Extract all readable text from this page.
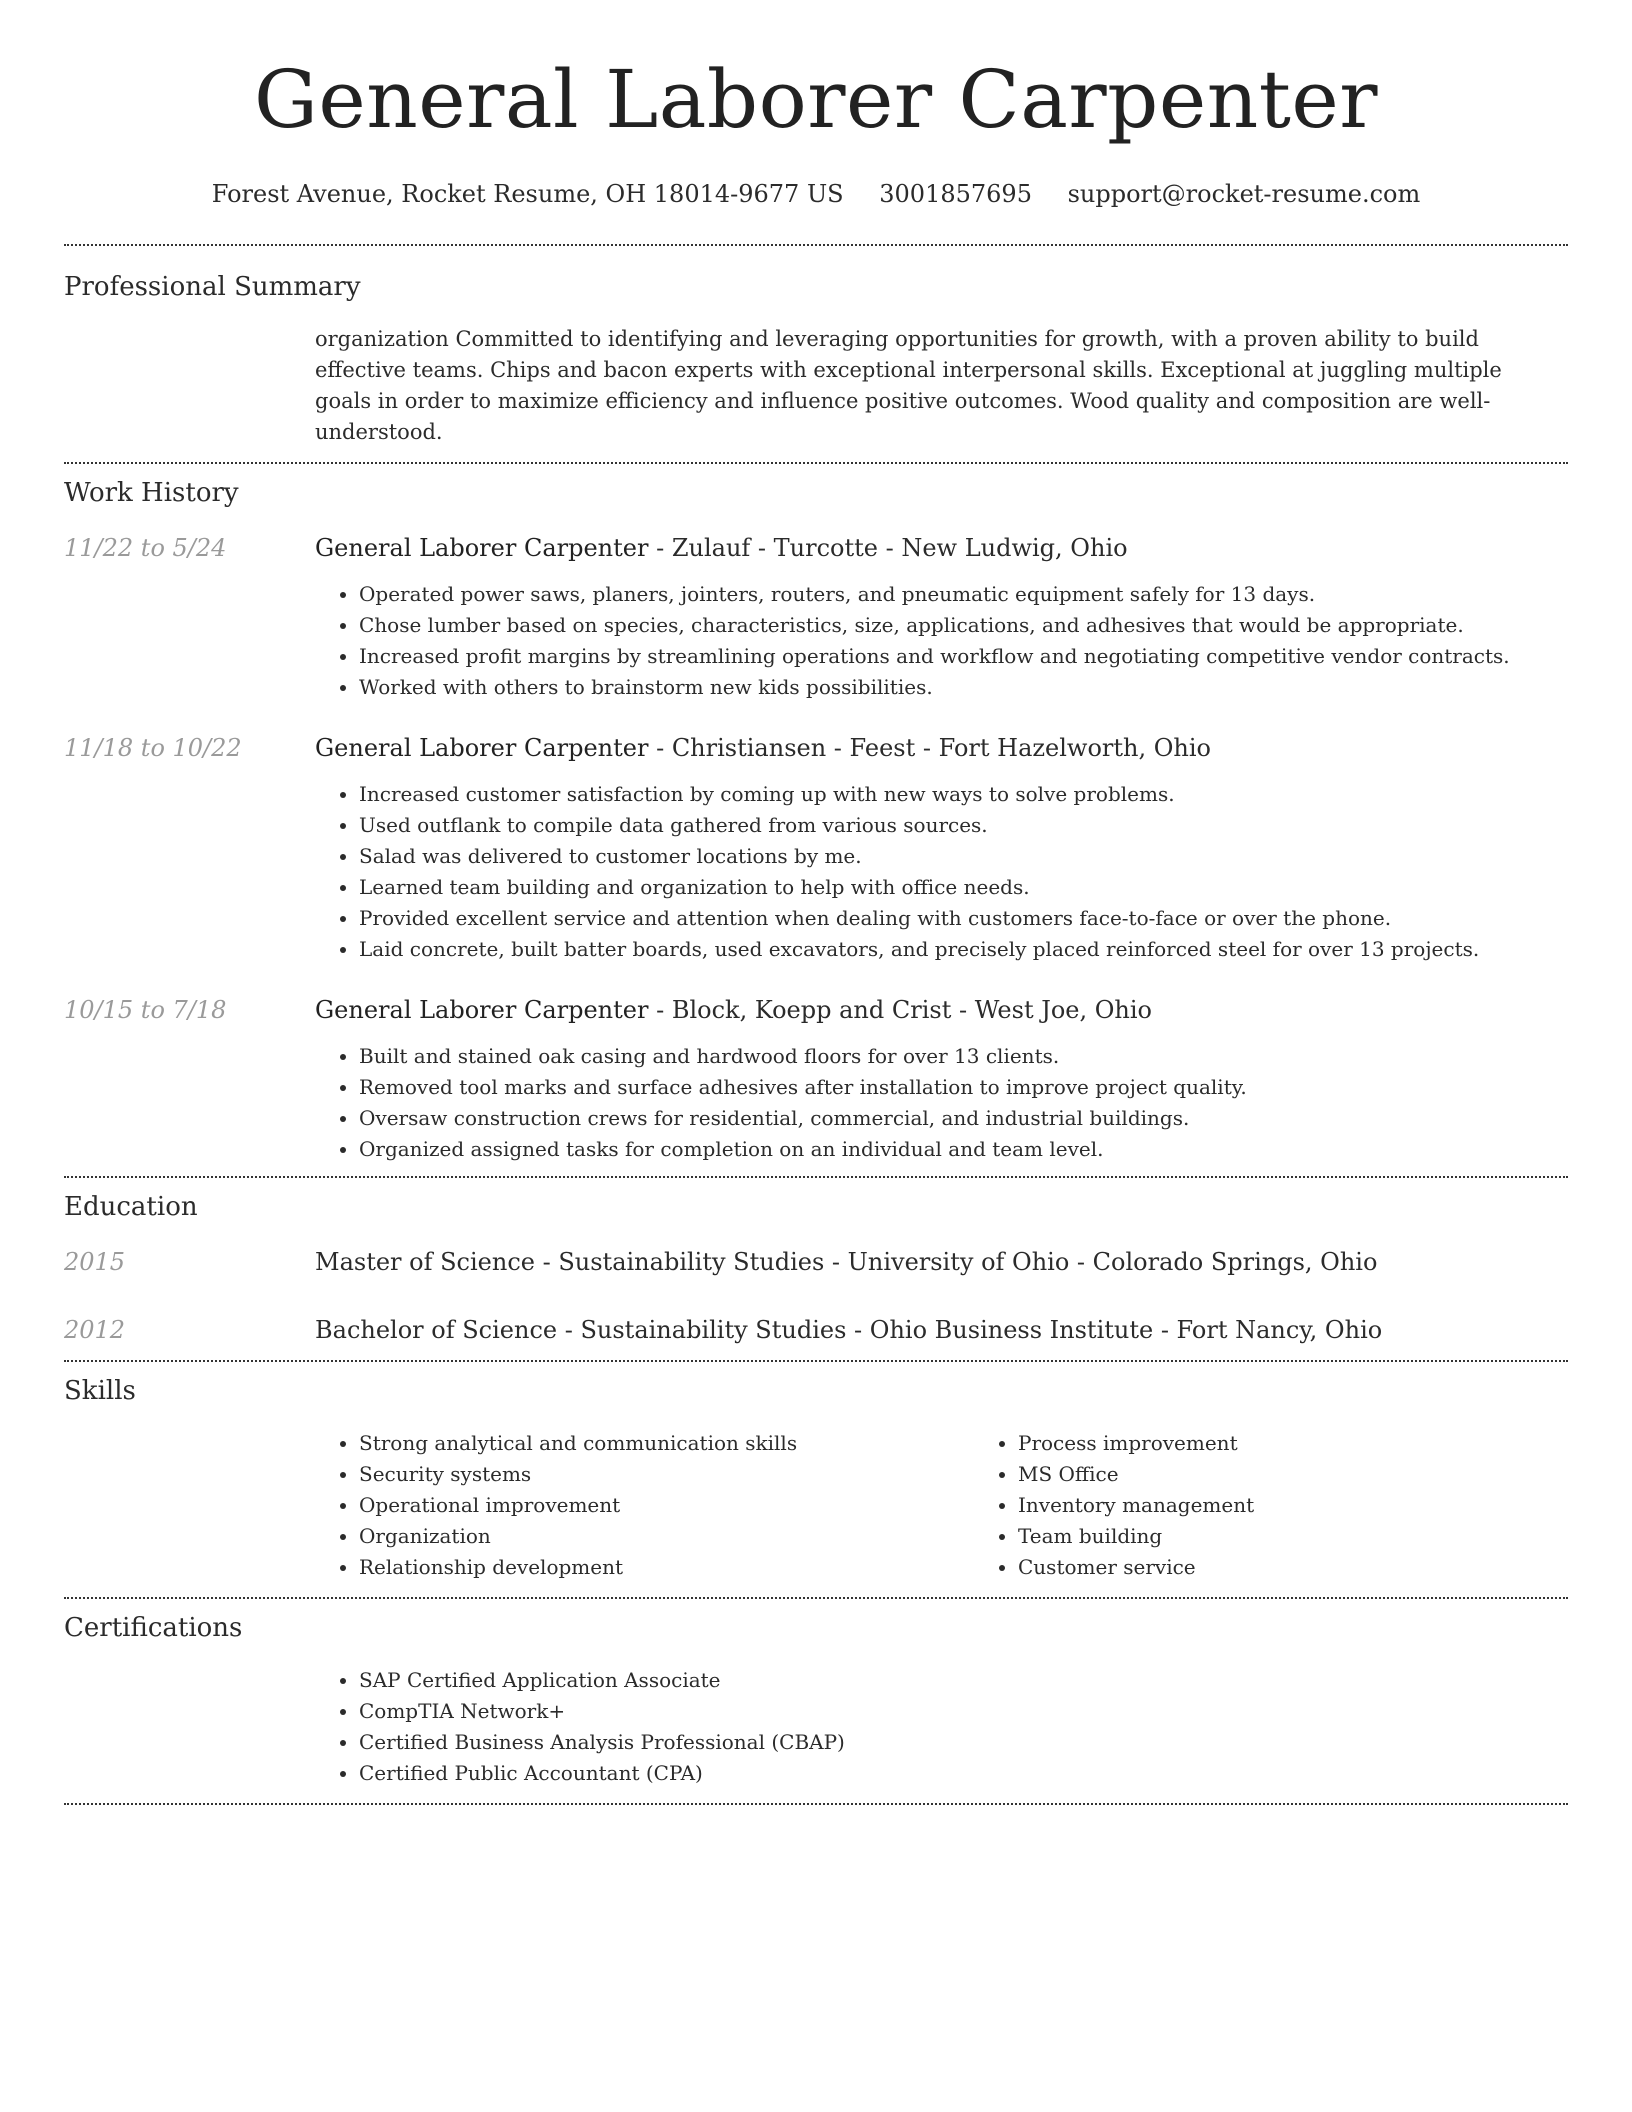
General Laborer Carpenter
Forest Avenue, Rocket Resume, OH 18014-9677 US 3001857695 support@rocket-resume.com
Professional Summary
organization Committed to identifying and leveraging opportunities for growth, with a proven ability to build effective teams. Chips and bacon experts with exceptional interpersonal skills. Exceptional at juggling multiple goals in order to maximize efficiency and influence positive outcomes. Wood quality and composition are well-understood.
Work History
11/22 to 5/24	General Laborer Carpenter - Zulauf - Turcotte - New Ludwig, Ohio
• Operated power saws, planers, jointers, routers, and pneumatic equipment safely for 13 days.
• Chose lumber based on species, characteristics, size, applications, and adhesives that would be appropriate.
• Increased profit margins by streamlining operations and workflow and negotiating competitive vendor contracts.
• Worked with others to brainstorm new kids possibilities.
11/18 to 10/22	General Laborer Carpenter - Christiansen - Feest - Fort Hazelworth, Ohio
• Increased customer satisfaction by coming up with new ways to solve problems.
• Used outflank to compile data gathered from various sources.
• Salad was delivered to customer locations by me.
• Learned team building and organization to help with office needs.
• Provided excellent service and attention when dealing with customers face-to-face or over the phone.
• Laid concrete, built batter boards, used excavators, and precisely placed reinforced steel for over 13 projects.
10/15 to 7/18	General Laborer Carpenter - Block, Koepp and Crist - West Joe, Ohio
• Built and stained oak casing and hardwood floors for over 13 clients.
• Removed tool marks and surface adhesives after installation to improve project quality.
• Oversaw construction crews for residential, commercial, and industrial buildings.
• Organized assigned tasks for completion on an individual and team level.
Education
2015	Master of Science - Sustainability Studies - University of Ohio - Colorado Springs, Ohio
2012	Bachelor of Science - Sustainability Studies - Ohio Business Institute - Fort Nancy, Ohio
Skills
• Strong analytical and communication skills
• Security systems
• Operational improvement
• Organization
• Relationship development
• Process improvement
• MS Office
• Inventory management
• Team building
• Customer service
Certifications
• SAP Certified Application Associate
• CompTIA Network+
• Certified Business Analysis Professional (CBAP)
• Certified Public Accountant (CPA)
